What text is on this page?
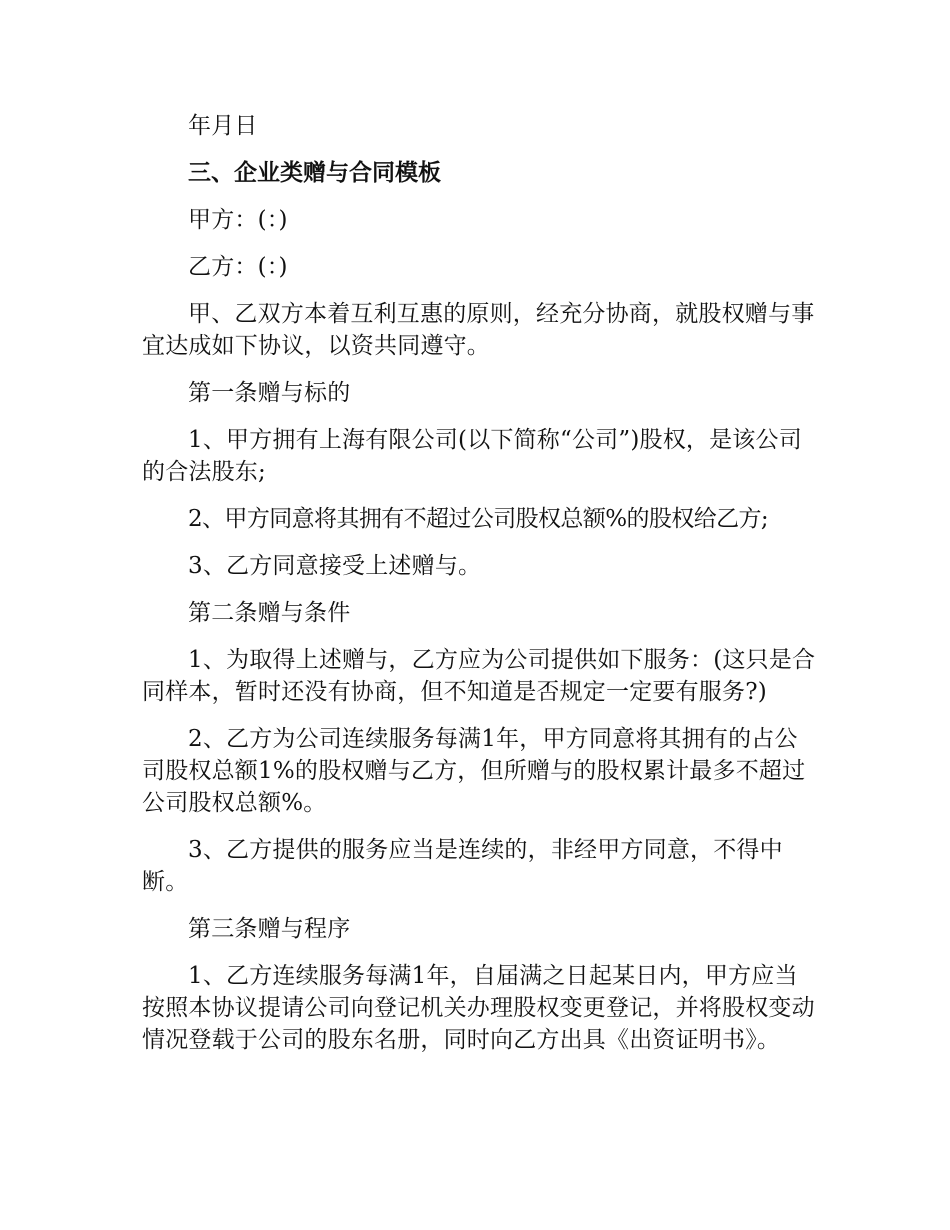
年月日

三、企业类赠与合同模板

甲方：(：)

乙方：(：)

甲、乙双方本着互利互惠的原则，经充分协商，就股权赠与事宜达成如下协议，以资共同遵守。

第一条赠与标的

1、甲方拥有上海有限公司(以下简称“公司”)股权，是该公司的合法股东;

2、甲方同意将其拥有不超过公司股权总额%的股权给乙方;

3、乙方同意接受上述赠与。

第二条赠与条件

1、为取得上述赠与，乙方应为公司提供如下服务：(这只是合同样本，暂时还没有协商，但不知道是否规定一定要有服务?)

2、乙方为公司连续服务每满1年，甲方同意将其拥有的占公司股权总额1%的股权赠与乙方，但所赠与的股权累计最多不超过公司股权总额%。

3、乙方提供的服务应当是连续的，非经甲方同意，不得中断。

第三条赠与程序

1、乙方连续服务每满1年，自届满之日起某日内，甲方应当按照本协议提请公司向登记机关办理股权变更登记，并将股权变动情况登载于公司的股东名册，同时向乙方出具《出资证明书》。
